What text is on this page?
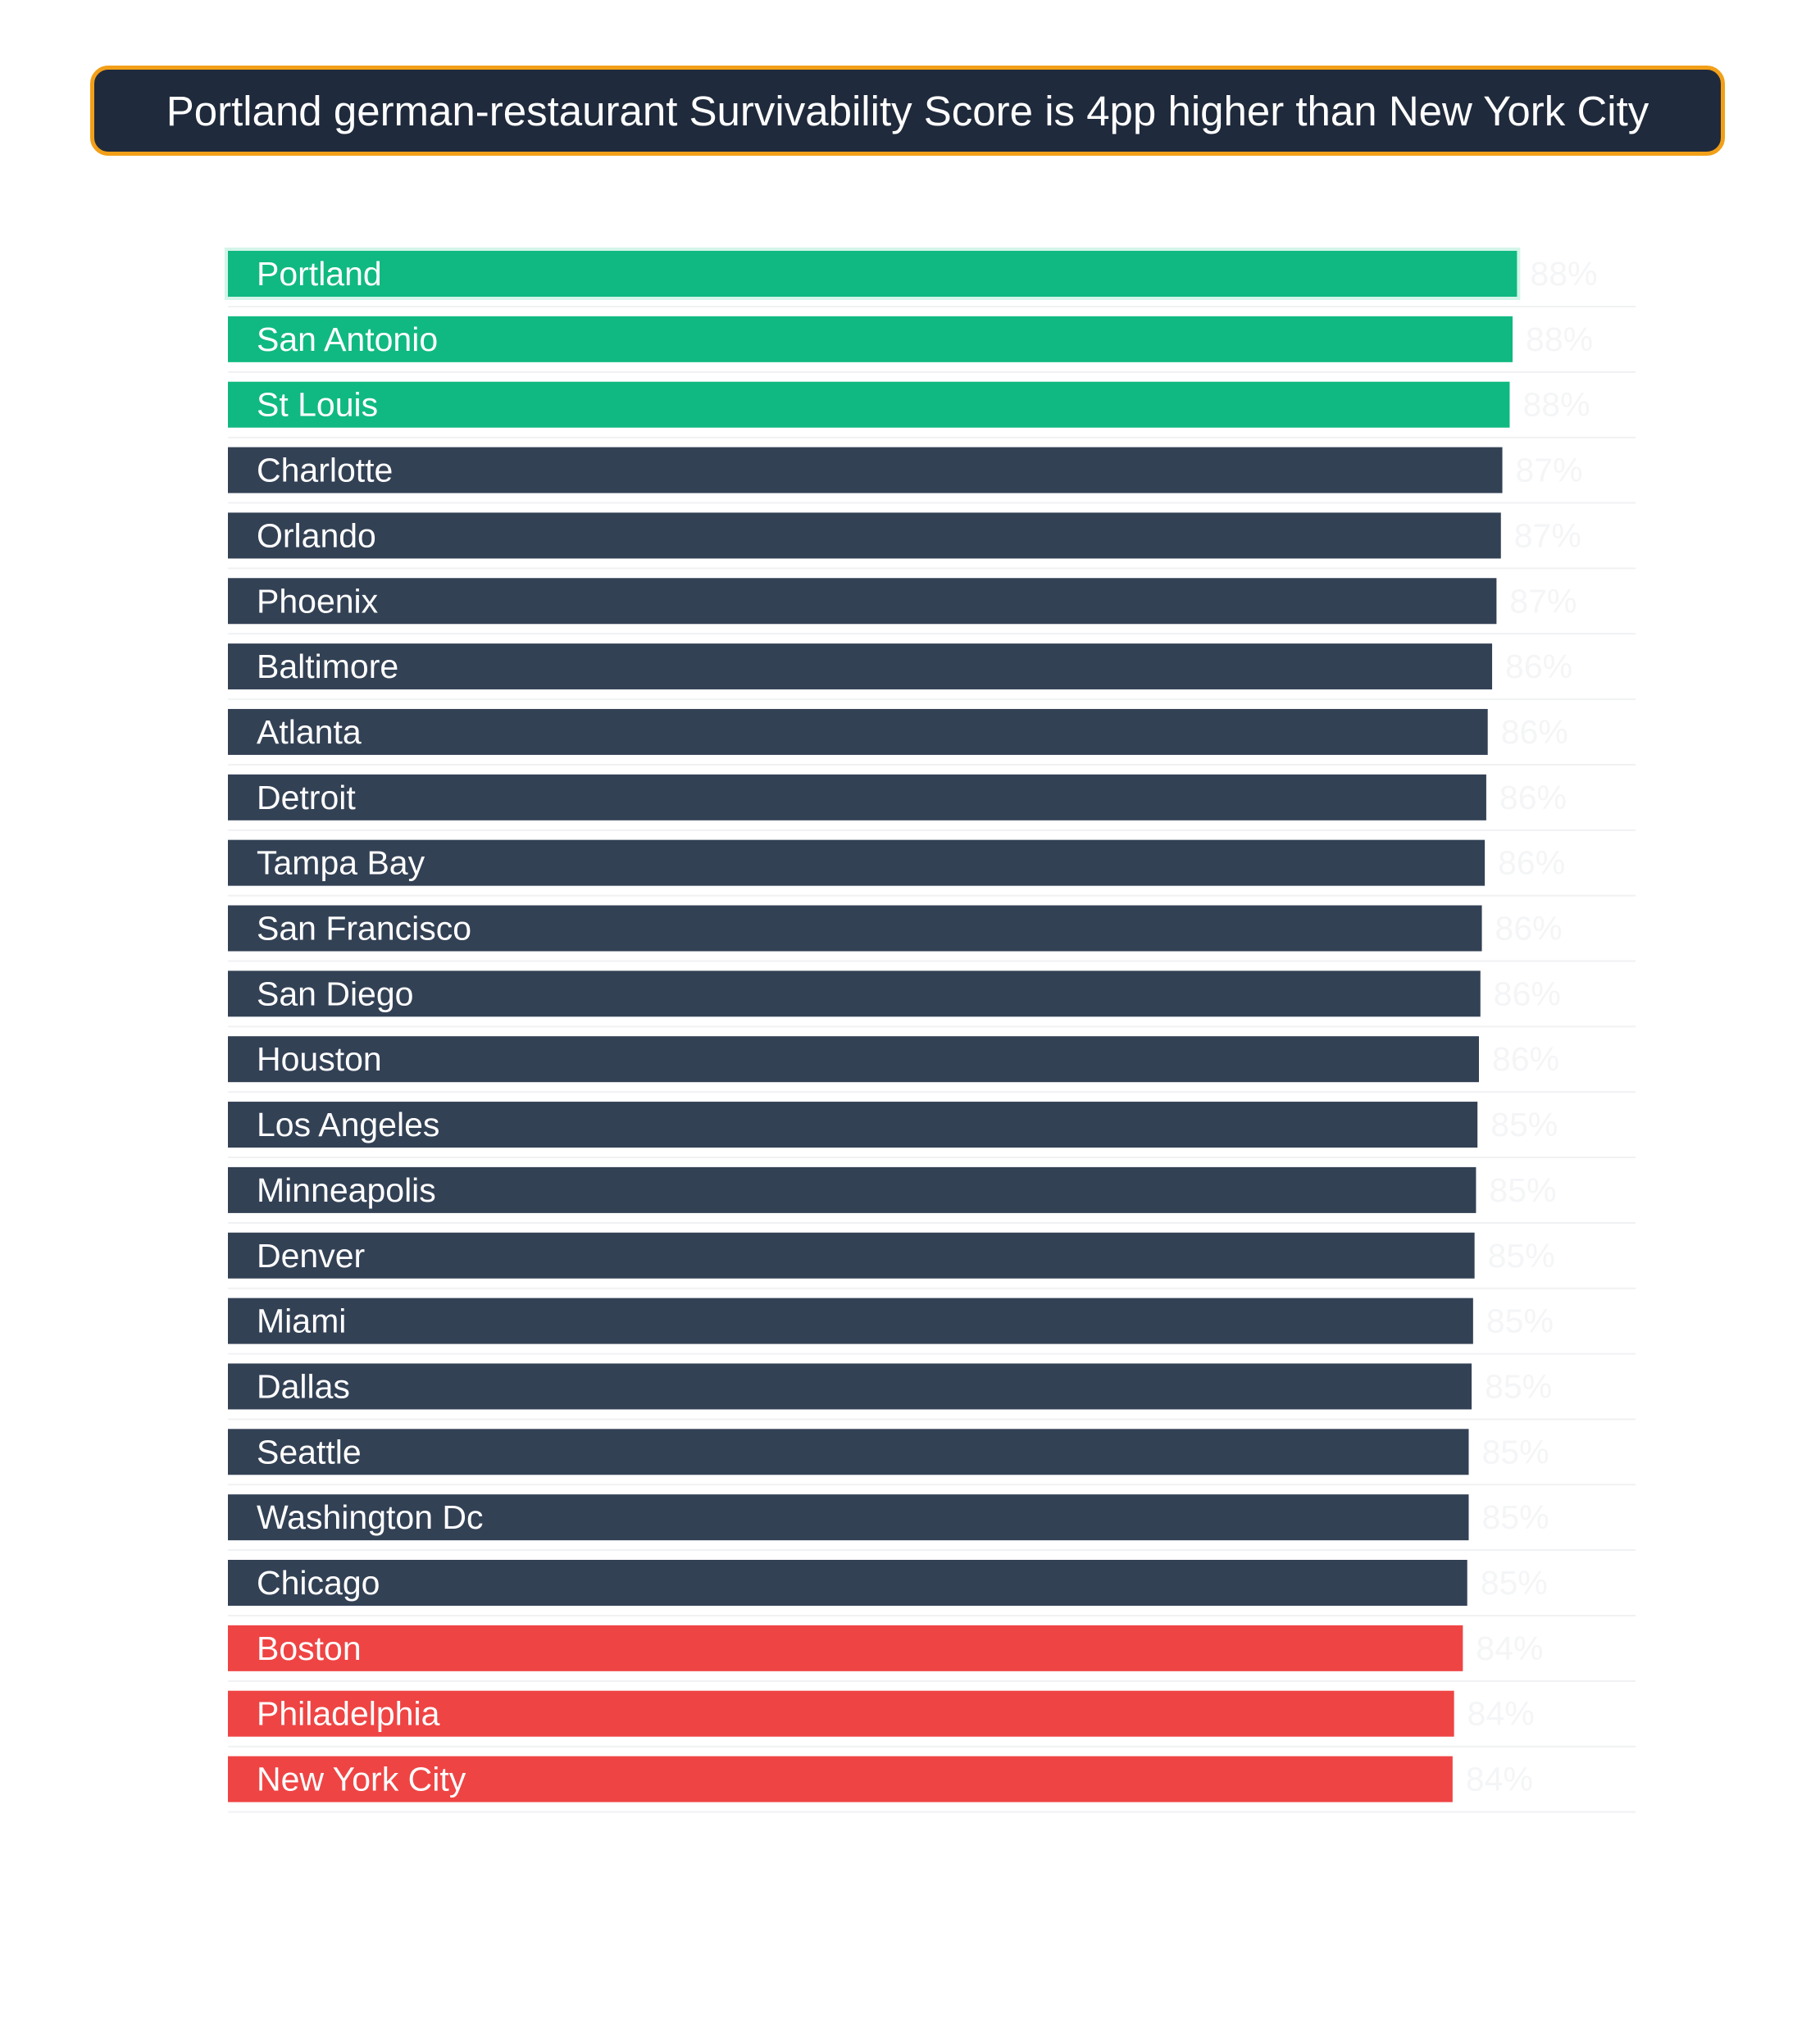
Portland german-restaurant Survivability Score is 4pp higher than New York City
Portland	88%
San Antonio	88%
St Louis	88%
Charlotte	87%
Orlando	87%
Phoenix	87%
Baltimore	86%
Atlanta	86%
Detroit	86%
Tampa Bay	86%
San Francisco	86%
San Diego	86%
Houston	86%
Los Angeles	85%
Minneapolis	85%
Denver	85%
Miami	85%
Dallas	85%
Seattle	85%
Washington Dc	85%
Chicago	85%
Boston	84%
Philadelphia	84%
New York City	84%
